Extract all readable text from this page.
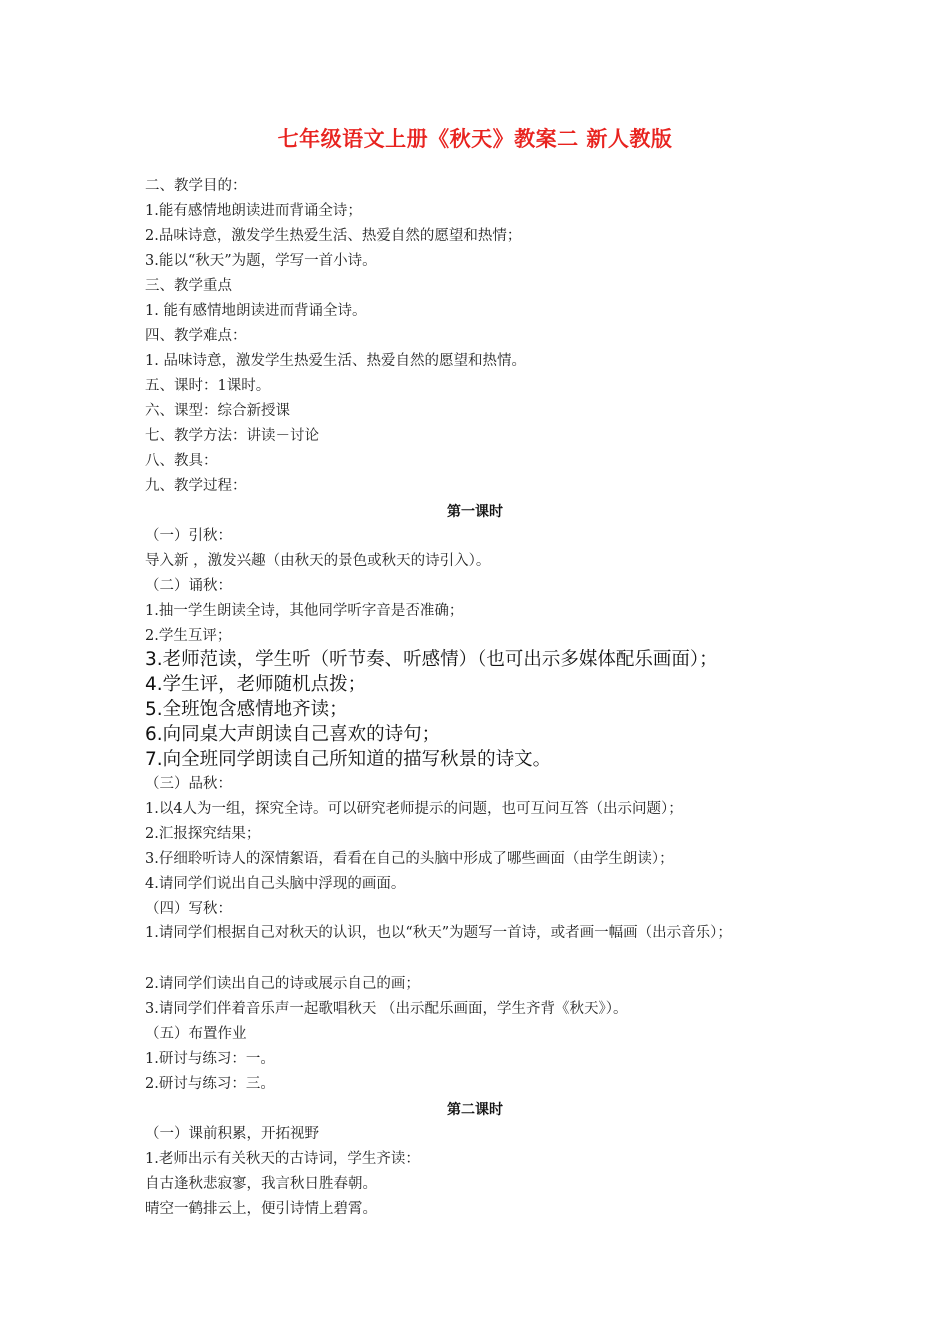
七年级语文上册《秋天》教案二 新人教版
二、教学目的：
1.能有感情地朗读进而背诵全诗；
2.品味诗意，激发学生热爱生活、热爱自然的愿望和热情；
3.能以“秋天”为题，学写一首小诗。
三、教学重点
1. 能有感情地朗读进而背诵全诗。
四、教学难点：
1. 品味诗意，激发学生热爱生活、热爱自然的愿望和热情。
五、课时：1课时。
六、课型：综合新授课
七、教学方法：讲读－讨论
八、教具：
九、教学过程：
第一课时
（一）引秋：
导入新 ，激发兴趣（由秋天的景色或秋天的诗引入）。
（二）诵秋：
1.抽一学生朗读全诗，其他同学听字音是否准确；
2.学生互评；
3.老师范读，学生听（听节奏、听感情）（也可出示多媒体配乐画面）；
4.学生评，老师随机点拨；
5.全班饱含感情地齐读；
6.向同桌大声朗读自己喜欢的诗句；
7.向全班同学朗读自己所知道的描写秋景的诗文。
（三）品秋：
1.以4人为一组，探究全诗。可以研究老师提示的问题，也可互问互答（出示问题）；
2.汇报探究结果；
3.仔细聆听诗人的深情絮语，看看在自己的头脑中形成了哪些画面（由学生朗读）；
4.请同学们说出自己头脑中浮现的画面。
（四）写秋：
1.请同学们根据自己对秋天的认识，也以“秋天”为题写一首诗，或者画一幅画（出示音乐）；
2.请同学们读出自己的诗或展示自己的画；
3.请同学们伴着音乐声一起歌唱秋天 （出示配乐画面，学生齐背《秋天》）。
（五）布置作业
1.研讨与练习：一。
2.研讨与练习：三。
第二课时
（一）课前积累，开拓视野
1.老师出示有关秋天的古诗词，学生齐读：
自古逢秋悲寂寥，我言秋日胜春朝。
晴空一鹤排云上，便引诗情上碧霄。
